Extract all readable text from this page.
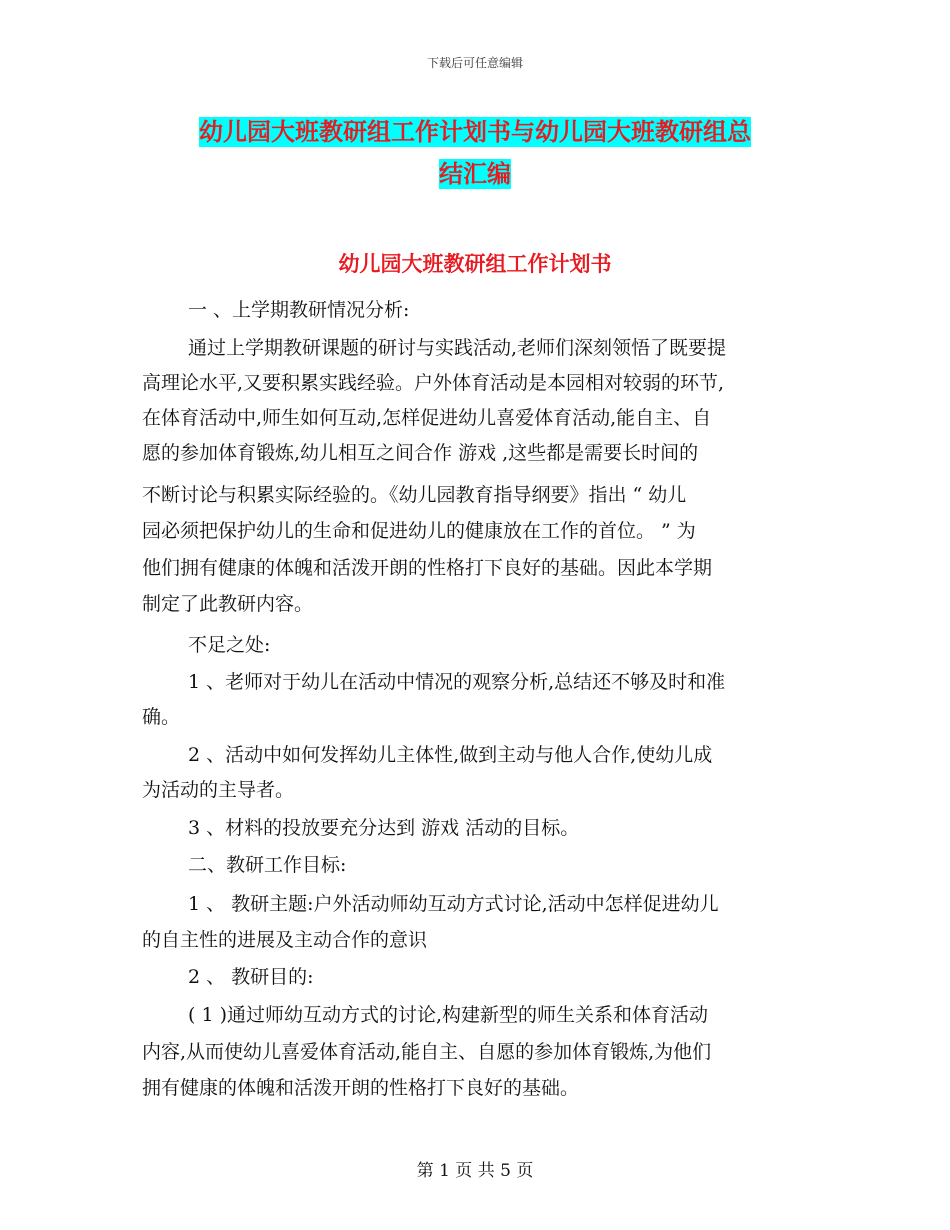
下载后可任意编辑
幼儿园大班教研组工作计划书与幼儿园大班教研组总
结汇编
幼儿园大班教研组工作计划书
一 、上学期教研情况分析:
通过上学期教研课题的研讨与实践活动,老师们深刻领悟了既要提
高理论水平,又要积累实践经验。户外体育活动是本园相对较弱的环节,
在体育活动中,师生如何互动,怎样促进幼儿喜爱体育活动,能自主、自
愿的参加体育锻炼,幼儿相互之间合作 游戏 ,这些都是需要长时间的
不断讨论与积累实际经验的。《幼儿园教育指导纲要》指出 “ 幼儿
园必须把保护幼儿的生命和促进幼儿的健康放在工作的首位。 ” 为
他们拥有健康的体魄和活泼开朗的性格打下良好的基础。因此本学期
制定了此教研内容。
不足之处:
1 、老师对于幼儿在活动中情况的观察分析,总结还不够及时和准
确。
2 、活动中如何发挥幼儿主体性,做到主动与他人合作,使幼儿成
为活动的主导者。
3 、材料的投放要充分达到 游戏 活动的目标。
二、教研工作目标:
1 、 教研主题:户外活动师幼互动方式讨论,活动中怎样促进幼儿
的自主性的进展及主动合作的意识
2 、 教研目的:
( 1 )通过师幼互动方式的讨论,构建新型的师生关系和体育活动
内容,从而使幼儿喜爱体育活动,能自主、自愿的参加体育锻炼,为他们
拥有健康的体魄和活泼开朗的性格打下良好的基础。
第 1 页 共 5 页
